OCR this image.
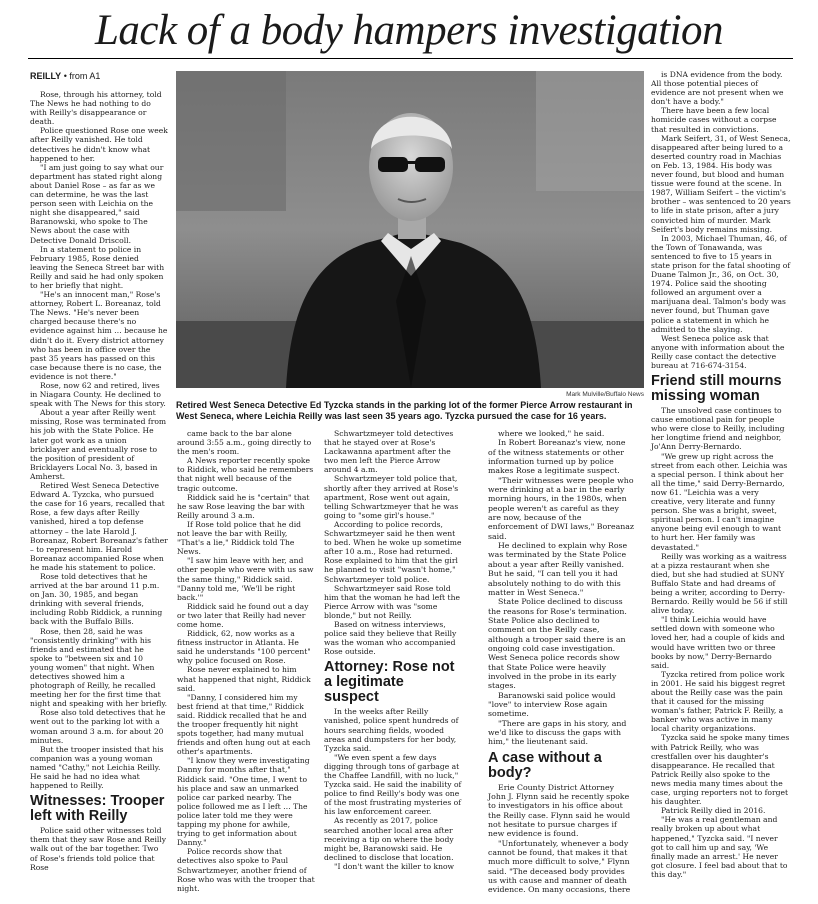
Lack of a body hampers investigation
REILLY • from A1

Rose, through his attorney, told The News he had nothing to do with Reilly's disappearance or death.

Police questioned Rose one week after Reilly vanished. He told detectives he didn't know what happened to her.

"I am just going to say what our department has stated right along about Daniel Rose – as far as we can determine, he was the last person seen with Leichia on the night she disappeared," said Baranowski, who spoke to The News about the case with Detective Donald Driscoll.

In a statement to police in February 1985, Rose denied leaving the Seneca Street bar with Reilly and said he had only spoken to her briefly that night.

"He's an innocent man," Rose's attorney, Robert L. Boreanaz, told The News. "He's never been charged because there's no evidence against him … because he didn't do it. Every district attorney who has been in office over the past 35 years has passed on this case because there is no case, the evidence is not there."

Rose, now 62 and retired, lives in Niagara County. He declined to speak with The News for this story.

About a year after Reilly went missing, Rose was terminated from his job with the State Police. He later got work as a union bricklayer and eventually rose to the position of president of Bricklayers Local No. 3, based in Amherst.

Retired West Seneca Detective Edward A. Tyzcka, who pursued the case for 16 years, recalled that Rose, a few days after Reilly vanished, hired a top defense attorney – the late Harold J. Boreanaz, Robert Boreanaz's father – to represent him. Harold Boreanaz accompanied Rose when he made his statement to police.

Rose told detectives that he arrived at the bar around 11 p.m. on Jan. 30, 1985, and began drinking with several friends, including Robb Riddick, a running back with the Buffalo Bills.

Rose, then 28, said he was "consistently drinking" with his friends and estimated that he spoke to "between six and 10 young women" that night. When detectives showed him a photograph of Reilly, he recalled meeting her for the first time that night and speaking with her briefly.

Rose also told detectives that he went out to the parking lot with a woman around 3 a.m. for about 20 minutes.

But the trooper insisted that his companion was a young woman named "Cathy," not Leichia Reilly. He said he had no idea what happened to Reilly.

Witnesses: Trooper left with Reilly

Police said other witnesses told them that they saw Rose and Reilly walk out of the bar together. Two of Rose's friends told police that Rose

Mark Mulville/Buffalo News

Retired West Seneca Detective Ed Tyzcka stands in the parking lot of the former Pierce Arrow restaurant in West Seneca, where Leichia Reilly was last seen 35 years ago. Tyzcka pursued the case for 16 years.

came back to the bar alone around 3:55 a.m., going directly to the men's room.

A News reporter recently spoke to Riddick, who said he remembers that night well because of the tragic outcome.

Riddick said he is "certain" that he saw Rose leaving the bar with Reilly around 3 a.m.

If Rose told police that he did not leave the bar with Reilly, "That's a lie," Riddick told The News.

"I saw him leave with her, and other people who were with us saw the same thing," Riddick said. "Danny told me, 'We'll be right back.'"

Riddick said he found out a day or two later that Reilly had never come home.

Riddick, 62, now works as a fitness instructor in Atlanta. He said he understands "100 percent" why police focused on Rose.

Rose never explained to him what happened that night, Riddick said.

"Danny, I considered him my best friend at that time," Riddick said. Riddick recalled that he and the trooper frequently hit night spots together, had many mutual friends and often hung out at each other's apartments.

"I know they were investigating Danny for months after that," Riddick said. "One time, I went to his place and saw an unmarked police car parked nearby. The police followed me as I left … The police later told me they were tapping my phone for awhile, trying to get information about Danny."

Police records show that detectives also spoke to Paul Schwartzmeyer, another friend of Rose who was with the trooper that night.

Schwartzmeyer told detectives that he stayed over at Rose's Lackawanna apartment after the two men left the Pierce Arrow around 4 a.m.

Schwartzmeyer told police that, shortly after they arrived at Rose's apartment, Rose went out again, telling Schwartzmeyer that he was going to "some girl's house."

According to police records, Schwartzmeyer said he then went to bed. When he woke up sometime after 10 a.m., Rose had returned. Rose explained to him that the girl he planned to visit "wasn't home," Schwartzmeyer told police.

Schwartzmeyer said Rose told him that the woman he had left the Pierce Arrow with was "some blonde," but not Reilly.

Based on witness interviews, police said they believe that Reilly was the woman who accompanied Rose outside.

Attorney: Rose not a legitimate suspect

In the weeks after Reilly vanished, police spent hundreds of hours searching fields, wooded areas and dumpsters for her body, Tyzcka said.

"We even spent a few days digging through tons of garbage at the Chaffee Landfill, with no luck," Tyzcka said. He said the inability of police to find Reilly's body was one of the most frustrating mysteries of his law enforcement career.

As recently as 2017, police searched another local area after receiving a tip on where the body might be, Baranowski said. He declined to disclose that location.

"I don't want the killer to know

where we looked," he said.

In Robert Boreanaz's view, none of the witness statements or other information turned up by police makes Rose a legitimate suspect.

"Their witnesses were people who were drinking at a bar in the early morning hours, in the 1980s, when people weren't as careful as they are now, because of the enforcement of DWI laws," Boreanaz said.

He declined to explain why Rose was terminated by the State Police about a year after Reilly vanished. But he said, "I can tell you it had absolutely nothing to do with this matter in West Seneca."

State Police declined to discuss the reasons for Rose's termination. State Police also declined to comment on the Reilly case, although a trooper said there is an ongoing cold case investigation. West Seneca police records show that State Police were heavily involved in the probe in its early stages.

Baranowski said police would "love" to interview Rose again sometime.

"There are gaps in his story, and we'd like to discuss the gaps with him," the lieutenant said.

A case without a body?

Erie County District Attorney John J. Flynn said he recently spoke to investigators in his office about the Reilly case. Flynn said he would not hesitate to pursue charges if new evidence is found.

"Unfortunately, whenever a body cannot be found, that makes it that much more difficult to solve," Flynn said. "The deceased body provides us with cause and manner of death evidence. On many occasions, there

is DNA evidence from the body. All those potential pieces of evidence are not present when we don't have a body."

There have been a few local homicide cases without a corpse that resulted in convictions.

Mark Seifert, 31, of West Seneca, disappeared after being lured to a deserted country road in Machias on Feb. 13, 1984. His body was never found, but blood and human tissue were found at the scene. In 1987, William Seifert – the victim's brother – was sentenced to 20 years to life in state prison, after a jury convicted him of murder. Mark Seifert's body remains missing.

In 2003, Michael Thuman, 46, of the Town of Tonawanda, was sentenced to five to 15 years in state prison for the fatal shooting of Duane Talmon Jr., 36, on Oct. 30, 1974. Police said the shooting followed an argument over a marijuana deal. Talmon's body was never found, but Thuman gave police a statement in which he admitted to the slaying.

West Seneca police ask that anyone with information about the Reilly case contact the detective bureau at 716-674-3154.

Friend still mourns missing woman

The unsolved case continues to cause emotional pain for people who were close to Reilly, including her longtime friend and neighbor, Jo'Ann Derry-Bernardo.

"We grew up right across the street from each other. Leichia was a special person. I think about her all the time," said Derry-Bernardo, now 61. "Leichia was a very creative, very literate and funny person. She was a bright, sweet, spiritual person. I can't imagine anyone being evil enough to want to hurt her. Her family was devastated."

Reilly was working as a waitress at a pizza restaurant when she died, but she had studied at SUNY Buffalo State and had dreams of being a writer, according to Derry-Bernardo. Reilly would be 56 if still alive today.

"I think Leichia would have settled down with someone who loved her, had a couple of kids and would have written two or three books by now," Derry-Bernardo said.

Tyzcka retired from police work in 2001. He said his biggest regret about the Reilly case was the pain that it caused for the missing woman's father, Patrick F. Reilly, a banker who was active in many local charity organizations.

Tyzcka said he spoke many times with Patrick Reilly, who was crestfallen over his daughter's disappearance. He recalled that Patrick Reilly also spoke to the news media many times about the case, urging reporters not to forget his daughter.

Patrick Reilly died in 2016.

"He was a real gentleman and really broken up about what happened," Tyzcka said. "I never got to call him up and say, 'We finally made an arrest.' He never got closure. I feel bad about that to this day."
